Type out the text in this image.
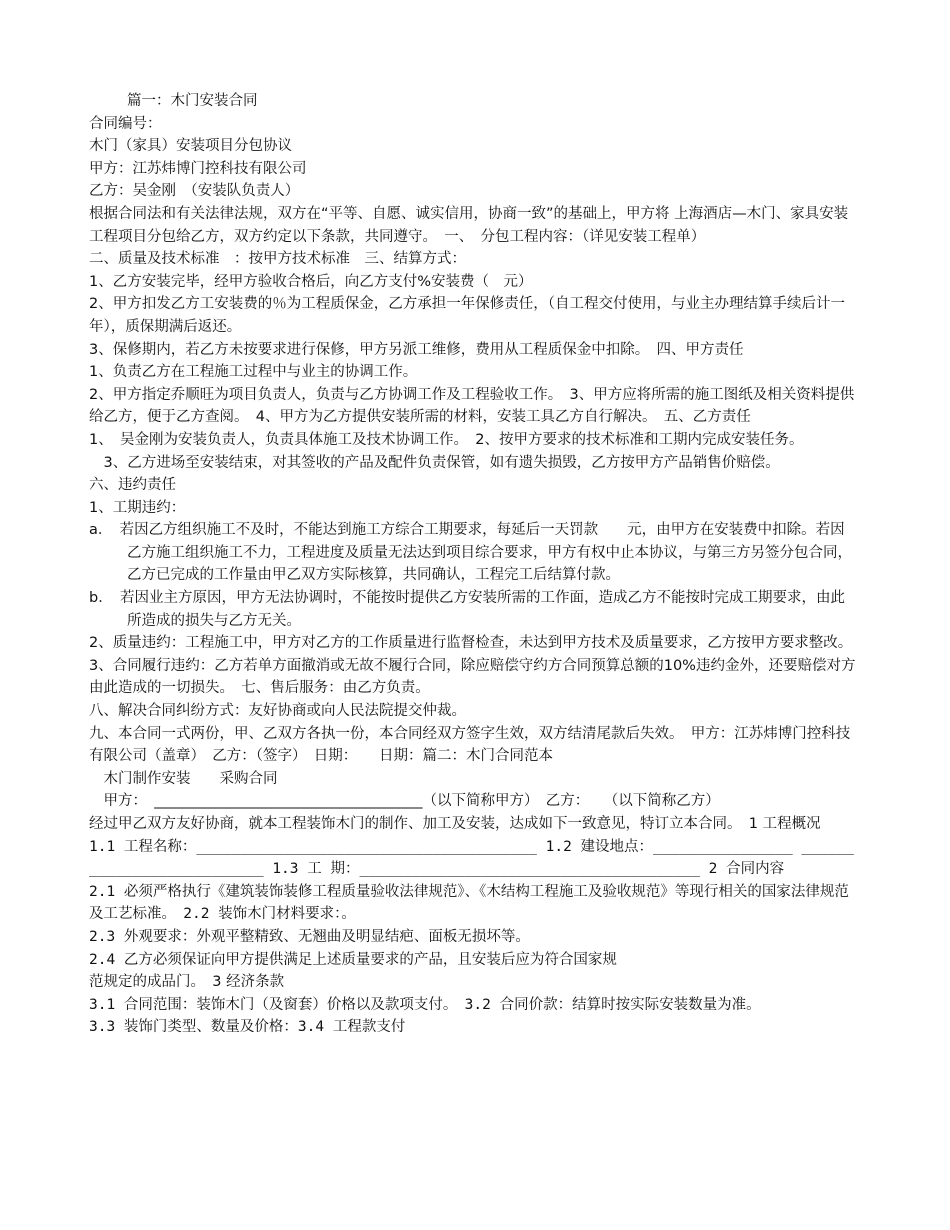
篇一：木门安装合同
合同编号：
木门（家具）安装项目分包协议
甲方：江苏炜博门控科技有限公司
乙方：吴金刚　（安装队负责人）
根据合同法和有关法律法规，双方在“平等、自愿、诚实信用，协商一致”的基础上，甲方将 上海酒店—木门、家具安装工程项目分包给乙方，双方约定以下条款，共同遵守。　一、　分包工程内容：（详见安装工程单）
二、质量及技术标准　：按甲方技术标准　三、结算方式：
1、乙方安装完毕，经甲方验收合格后，向乙方支付%安装费（　元）
2、甲方扣发乙方工安装费的％为工程质保金，乙方承担一年保修责任，（自工程交付使用，与业主办理结算手续后计一年），质保期满后返还。
3、保修期内，若乙方未按要求进行保修，甲方另派工维修，费用从工程质保金中扣除。　四、甲方责任
1、负责乙方在工程施工过程中与业主的协调工作。
2、甲方指定乔顺旺为项目负责人，负责与乙方协调工作及工程验收工作。　3、甲方应将所需的施工图纸及相关资料提供给乙方，便于乙方查阅。　4、甲方为乙方提供安装所需的材料，安装工具乙方自行解决。　五、乙方责任
1、　吴金刚为安装负责人，负责具体施工及技术协调工作。　2、按甲方要求的技术标准和工期内完成安装任务。
　3、乙方进场至安装结束，对其签收的产品及配件负责保管，如有遗失损毁，乙方按甲方产品销售价赔偿。
六、违约责任
1、工期违约：
a．　若因乙方组织施工不及时，不能达到施工方综合工期要求，每延后一天罚款　　元，由甲方在安装费中扣除。若因乙方施工组织施工不力，工程进度及质量无法达到项目综合要求，甲方有权中止本协议，与第三方另签分包合同，乙方已完成的工作量由甲乙双方实际核算，共同确认，工程完工后结算付款。
b．　若因业主方原因，甲方无法协调时，不能按时提供乙方安装所需的工作面，造成乙方不能按时完成工期要求，由此所造成的损失与乙方无关。
2、质量违约：工程施工中，甲方对乙方的工作质量进行监督检查，未达到甲方技术及质量要求，乙方按甲方要求整改。
3、合同履行违约：乙方若单方面撤消或无故不履行合同，除应赔偿守约方合同预算总额的10%违约金外，还要赔偿对方由此造成的一切损失。　七、售后服务：由乙方负责。
八、解决合同纠纷方式：友好协商或向人民法院提交仲裁。
九、本合同一式两份，甲、乙双方各执一份，本合同经双方签字生效，双方结清尾款后失效。　甲方：江苏炜博门控科技有限公司（盖章）　乙方：（签字）　日期：　　日期：篇二：木门合同范本
　木门制作安装　　采购合同
　甲方：　_____________________________________（以下简称甲方）　乙方：　　（以下简称乙方）
经过甲乙双方友好协商，就本工程装饰木门的制作、加工及安装，达成如下一致意见，特订立本合同。　1 工程概况
1.1 工程名称：_______________________________________ 1.2 建设地点：________________ __________________________ 1.3 工 期：_______________________________________ 2 合同内容
2.1 必须严格执行《建筑装饰装修工程质量验收法律规范》、《木结构工程施工及验收规范》等现行相关的国家法律规范及工艺标准。　2.2 装饰木门材料要求：。
2.3 外观要求：外观平整精致、无翘曲及明显结疤、面板无损坏等。
2.4 乙方必须保证向甲方提供满足上述质量要求的产品，且安装后应为符合国家规
范规定的成品门。　3 经济条款
3.1 合同范围：装饰木门（及窗套）价格以及款项支付。　3.2 合同价款：结算时按实际安装数量为准。
3.3 装饰门类型、数量及价格：3.4 工程款支付
